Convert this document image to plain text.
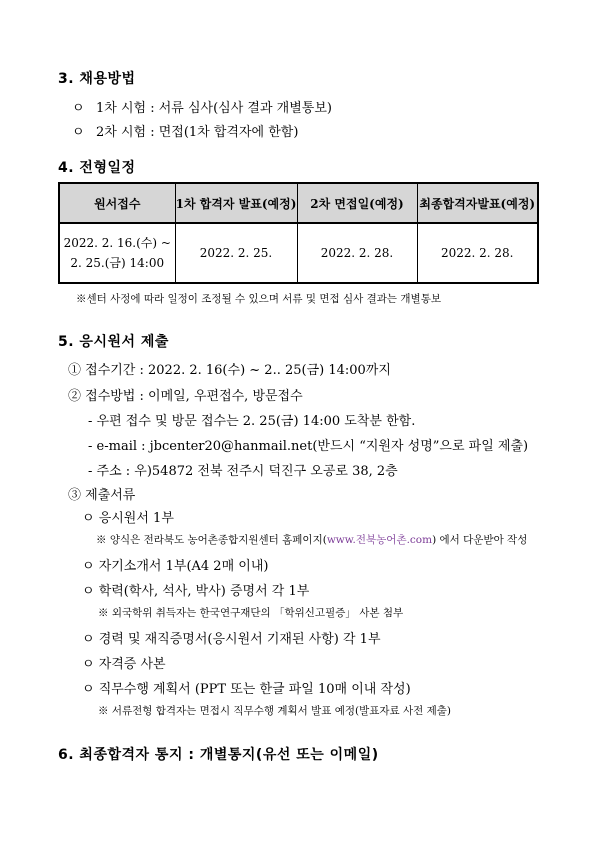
3. 채용방법
ㅇ 1차 시험 : 서류 심사(심사 결과 개별통보)
ㅇ 2차 시험 : 면접(1차 합격자에 한함)
4. 전형일정
원서접수	1차 합격자 발표(예정)	2차 면접일(예정)	최종합격자발표(예정)

2022. 2. 16.(수) ~
2. 25.(금) 14:00	2022. 2. 25.	2022. 2. 28.	2022. 2. 28.
※센터 사정에 따라 일정이 조정될 수 있으며 서류 및 면접 심사 결과는 개별통보
5. 응시원서 제출
① 접수기간 : 2022. 2. 16(수) ~ 2.. 25(금) 14:00까지
② 접수방법 : 이메일, 우편접수, 방문접수
- 우편 접수 및 방문 접수는 2. 25(금) 14:00 도착분 한함.
- e-mail : jbcenter20@hanmail.net(반드시 “지원자 성명”으로 파일 제출)
- 주소 : 우)54872 전북 전주시 덕진구 오공로 38, 2층
③ 제출서류
ㅇ 응시원서 1부
※ 양식은 전라북도 농어촌종합지원센터 홈페이지(www.전북농어촌.com) 에서 다운받아 작성
ㅇ 자기소개서 1부(A4 2매 이내)
ㅇ 학력(학사, 석사, 박사) 증명서 각 1부
※ 외국학위 취득자는 한국연구재단의 「학위신고필증」 사본 첨부
ㅇ 경력 및 재직증명서(응시원서 기재된 사항) 각 1부
ㅇ 자격증 사본
ㅇ 직무수행 계획서 (PPT 또는 한글 파일 10매 이내 작성)
※ 서류전형 합격자는 면접시 직무수행 계획서 발표 예정(발표자료 사전 제출)
6. 최종합격자 통지 : 개별통지(유선 또는 이메일)
